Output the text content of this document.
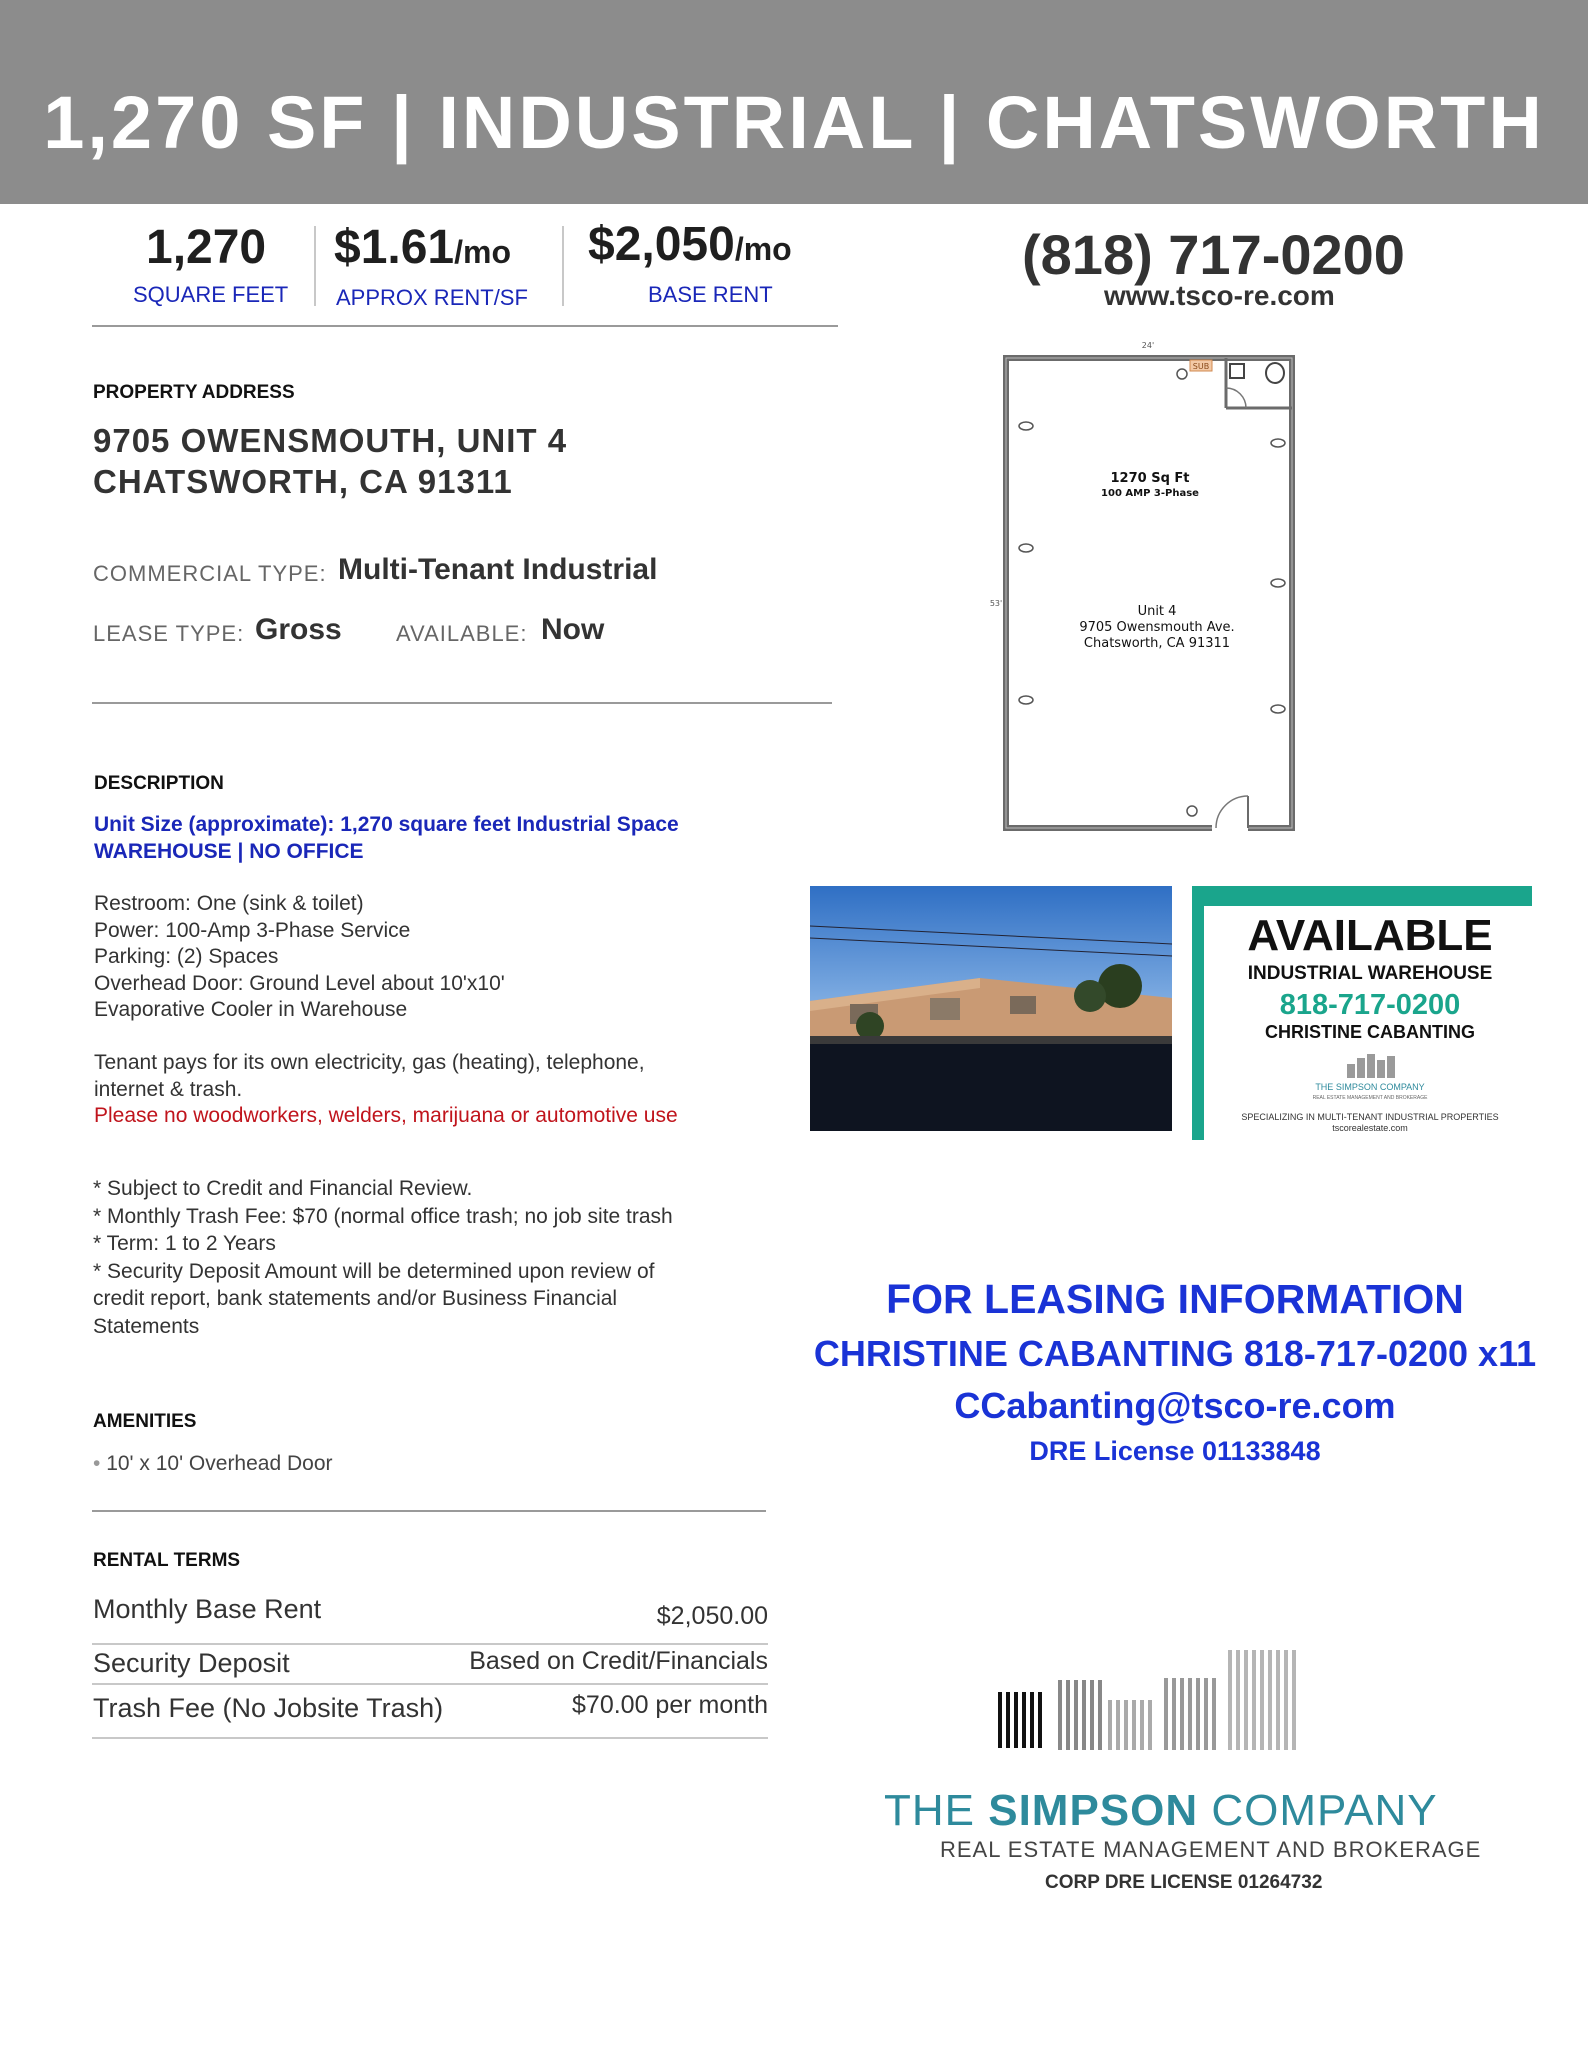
1,270 SF | INDUSTRIAL | CHATSWORTH
1,270
SQUARE FEET
$1.61/mo
APPROX RENT/SF
$2,050/mo
BASE RENT
(818) 717-0200
www.tsco-re.com
PROPERTY ADDRESS
9705 OWENSMOUTH, UNIT 4
CHATSWORTH, CA 91311
COMMERCIAL TYPE: Multi-Tenant Industrial
LEASE TYPE: Gross AVAILABLE: Now
SUB
24'
53'
1270 Sq Ft
100 AMP 3-Phase
Unit 4
9705 Owensmouth Ave.
Chatsworth, CA 91311
DESCRIPTION
Unit Size (approximate): 1,270 square feet Industrial Space
WAREHOUSE | NO OFFICE
Restroom: One (sink & toilet)
Power: 100-Amp 3-Phase Service
Parking: (2) Spaces
Overhead Door: Ground Level about 10'x10'
Evaporative Cooler in Warehouse
Tenant pays for its own electricity, gas (heating), telephone,
internet & trash.
Please no woodworkers, welders, marijuana or automotive use
* Subject to Credit and Financial Review.
* Monthly Trash Fee: $70 (normal office trash; no job site trash
* Term: 1 to 2 Years
* Security Deposit Amount will be determined upon review of
credit report, bank statements and/or Business Financial
Statements
AMENITIES
• 10' x 10' Overhead Door
RENTAL TERMS
Monthly Base Rent	$2,050.00
Security Deposit	Based on Credit/Financials
Trash Fee (No Jobsite Trash)	$70.00 per month
AVAILABLE
INDUSTRIAL WAREHOUSE
818-717-0200
CHRISTINE CABANTING
THE SIMPSON COMPANY
REAL ESTATE MANAGEMENT AND BROKERAGE
SPECIALIZING IN MULTI-TENANT INDUSTRIAL PROPERTIES
tscorealestate.com
FOR LEASING INFORMATION
CHRISTINE CABANTING 818-717-0200 x11
CCabanting@tsco-re.com
DRE License 01133848
THE SIMPSON COMPANY
REAL ESTATE MANAGEMENT AND BROKERAGE
CORP DRE LICENSE 01264732
